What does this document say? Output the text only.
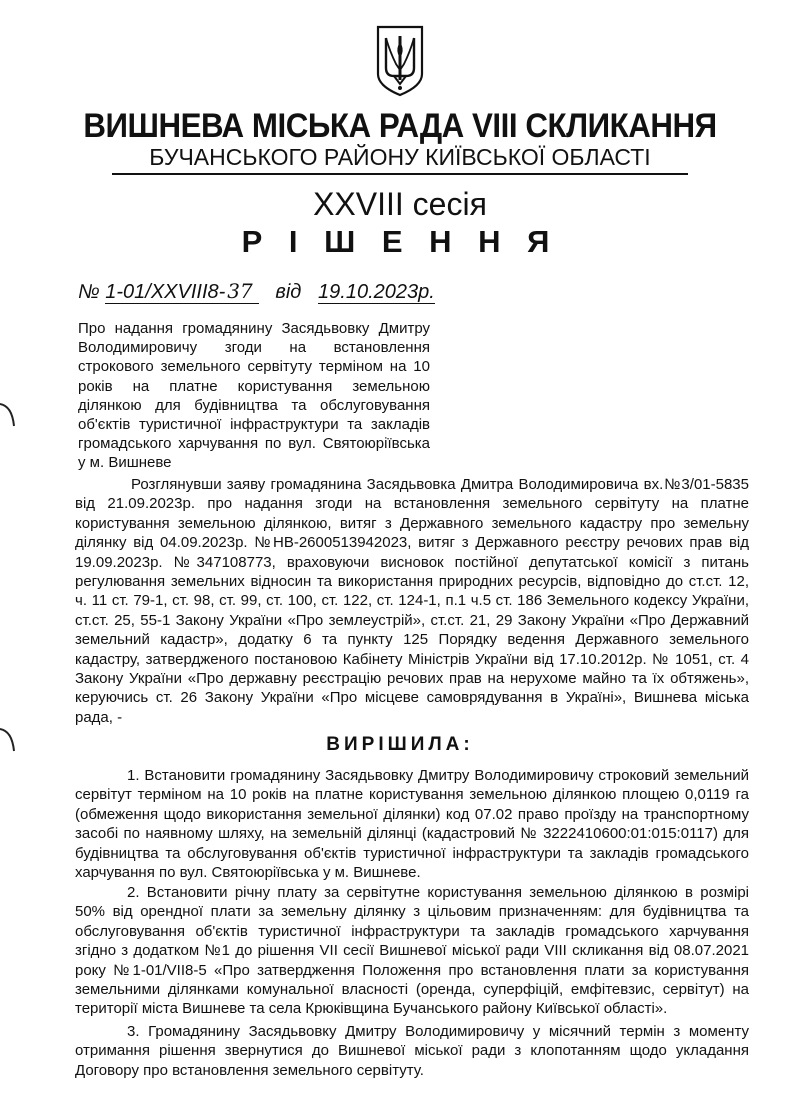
ВИШНЕВА МІСЬКА РАДА VIII СКЛИКАННЯ
БУЧАНСЬКОГО РАЙОНУ КИЇВСЬКОЇ ОБЛАСТІ
XXVIII сесія
Р І Ш Е Н Н Я
№ 1-01/XXVIII8- 37 від 19.10.2023р.
Про надання громадянину Засядьвовку Дмитру Володимировичу згоди на встановлення строкового земельного сервітуту терміном на 10 років на платне користування земельною ділянкою для будівництва та обслуговування об'єктів туристичної інфраструктури та закладів громадського харчування по вул. Святоюріївська у м. Вишневе
Розглянувши заяву громадянина Засядьвовка Дмитра Володимировича вх.№3/01-5835 від 21.09.2023р. про надання згоди на встановлення земельного сервітуту на платне користування земельною ділянкою, витяг з Державного земельного кадастру про земельну ділянку від 04.09.2023р. №НВ-2600513942023, витяг з Державного реєстру речових прав від 19.09.2023р. №347108773, враховуючи висновок постійної депутатської комісії з питань регулювання земельних відносин та використання природних ресурсів, відповідно до ст.ст. 12, ч. 11 ст. 79-1, ст. 98, ст. 99, ст. 100, ст. 122, ст. 124-1, п.1 ч.5 ст. 186 Земельного кодексу України, ст.ст. 25, 55-1 Закону України «Про землеустрій», ст.ст. 21, 29 Закону України «Про Державний земельний кадастр», додатку 6 та пункту 125 Порядку ведення Державного земельного кадастру, затвердженого постановою Кабінету Міністрів України від 17.10.2012р. № 1051, ст. 4 Закону України «Про державну реєстрацію речових прав на нерухоме майно та їх обтяжень», керуючись ст. 26 Закону України «Про місцеве самоврядування в Україні», Вишнева міська рада, -
ВИРІШИЛА:
1. Встановити громадянину Засядьвовку Дмитру Володимировичу строковий земельний сервітут терміном на 10 років на платне користування земельною ділянкою площею 0,0119 га (обмеження щодо використання земельної ділянки) код 07.02 право проїзду на транспортному засобі по наявному шляху, на земельній ділянці (кадастровий № 3222410600:01:015:0117) для будівництва та обслуговування об'єктів туристичної інфраструктури та закладів громадського харчування по вул. Святоюріївська у м. Вишневе.
2. Встановити річну плату за сервітутне користування земельною ділянкою в розмірі 50% від орендної плати за земельну ділянку з цільовим призначенням: для будівництва та обслуговування об'єктів туристичної інфраструктури та закладів громадського харчування згідно з додатком №1 до рішення VII сесії Вишневої міської ради VIII скликання від 08.07.2021 року №1-01/VII8-5 «Про затвердження Положення про встановлення плати за користування земельними ділянками комунальної власності (оренда, суперфіцій, емфітевзис, сервітут) на території міста Вишневе та села Крюківщина Бучанського району Київської області».
3. Громадянину Засядьвовку Дмитру Володимировичу у місячний термін з моменту отримання рішення звернутися до Вишневої міської ради з клопотанням щодо укладання Договору про встановлення земельного сервітуту.
